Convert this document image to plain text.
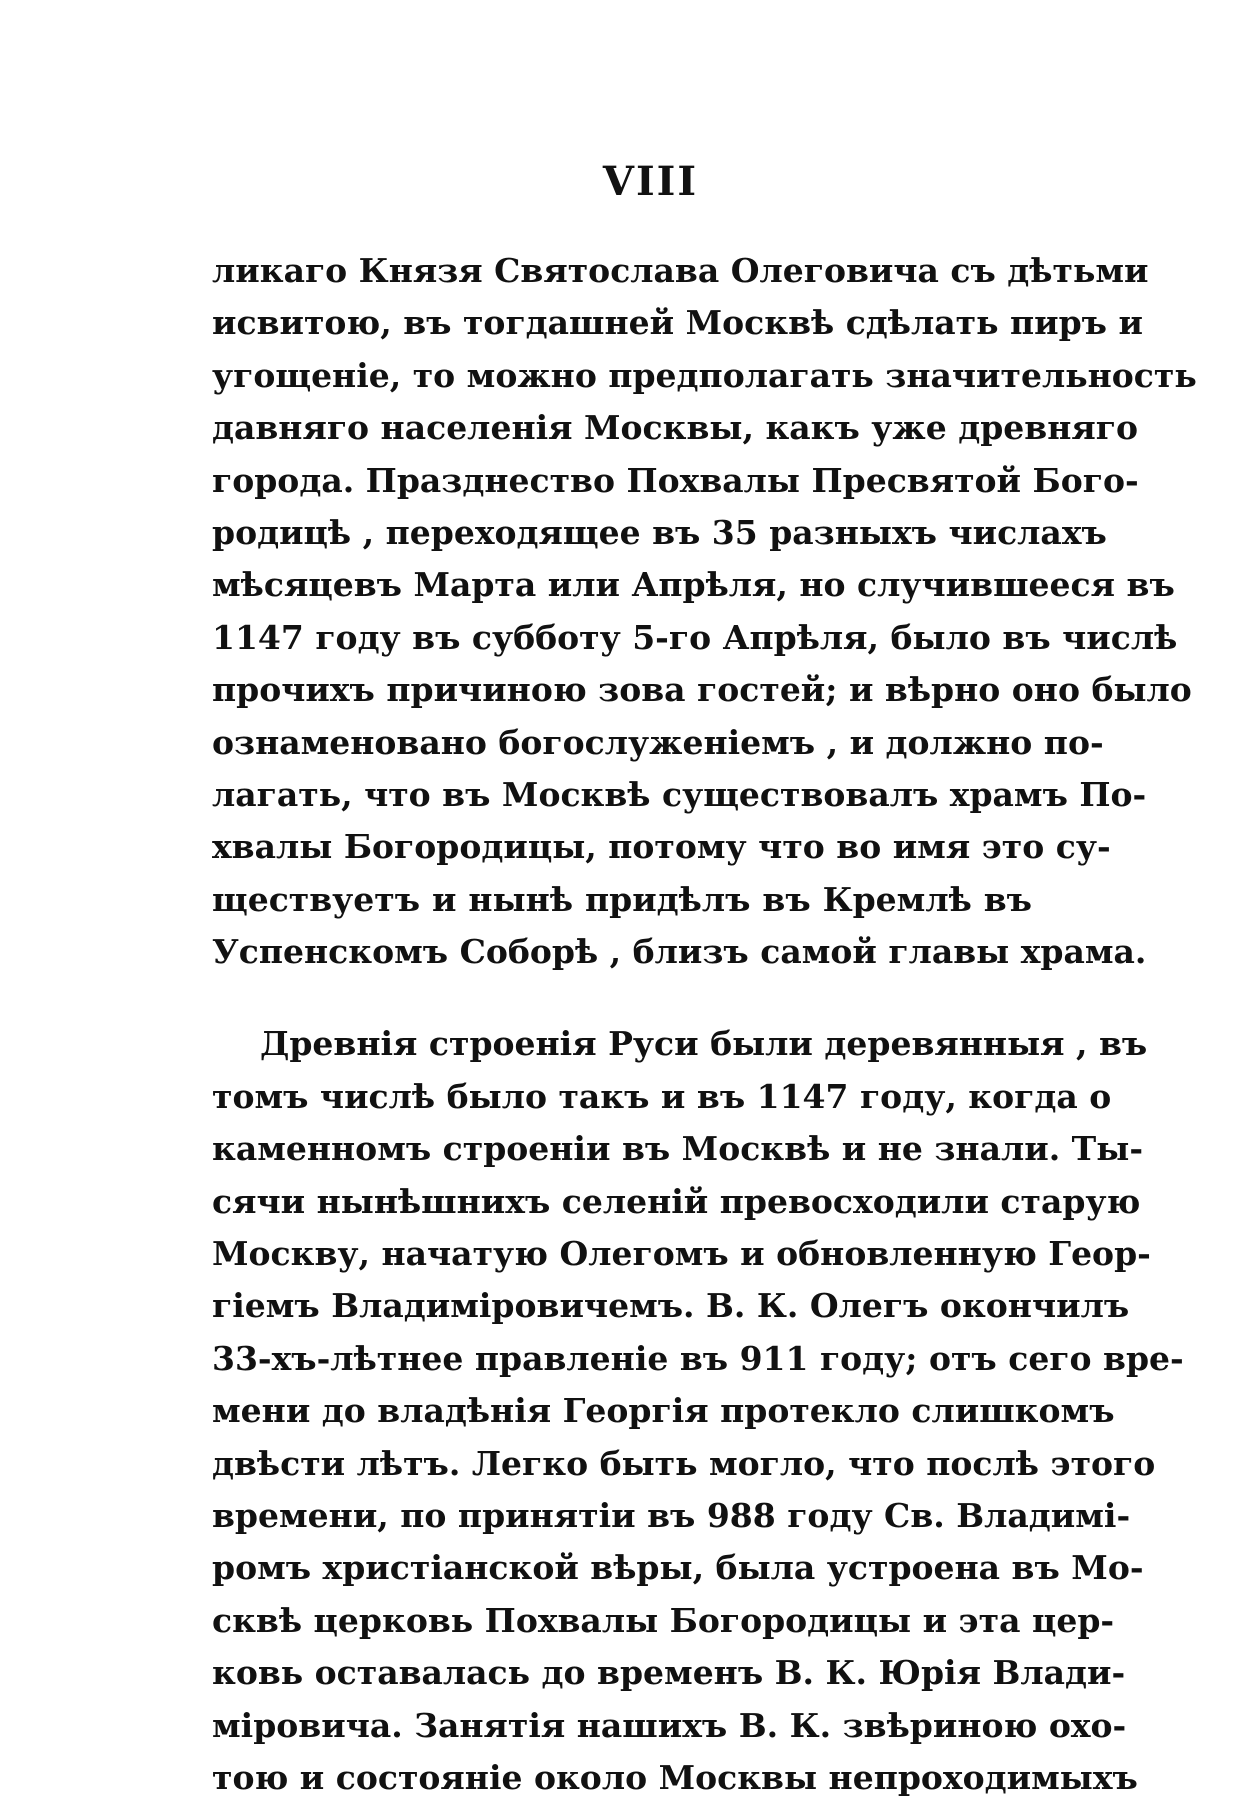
VIII

ликаго Князя Святослава Олеговича съ дѣтьми
исвитою, въ тогдашней Москвѣ сдѣлать пиръ и
угощеніе, то можно предполагать значительность
давняго населенія Москвы, какъ уже древняго
города. Празднество Похвалы Пресвятой Бого-
родицѣ , переходящее въ 35 разныхъ числахъ
мѣсяцевъ Марта или Апрѣля, но случившееся въ
1147 году въ субботу 5-го Апрѣля, было въ числѣ
прочихъ причиною зова гостей; и вѣрно оно было
ознаменовано богослуженіемъ , и должно по-
лагать, что въ Москвѣ существовалъ храмъ По-
хвалы Богородицы, потому что во имя это су-
ществуетъ и нынѣ придѣлъ въ Кремлѣ въ
Успенскомъ Соборѣ , близъ самой главы храма.

Древнія строенія Руси были деревянныя , въ
томъ числѣ было такъ и въ 1147 году, когда о
каменномъ строеніи въ Москвѣ и не знали. Ты-
сячи нынѣшнихъ селеній превосходили старую
Москву, начатую Олегомъ и обновленную Геор-
гіемъ Владиміровичемъ. В. К. Олегъ окончилъ
33-хъ-лѣтнее правленіе въ 911 году; отъ сего вре-
мени до владѣнія Георгія протекло слишкомъ
двѣсти лѣтъ. Легко быть могло, что послѣ этого
времени, по принятіи въ 988 году Св. Владимі-
ромъ христіанской вѣры, была устроена въ Мо-
сквѣ церковь Похвалы Богородицы и эта цер-
ковь оставалась до временъ В. К. Юрія Влади-
міровича. Занятія нашихъ В. К. звѣриною охо-
тою и состояніе около Москвы непроходимыхъ
